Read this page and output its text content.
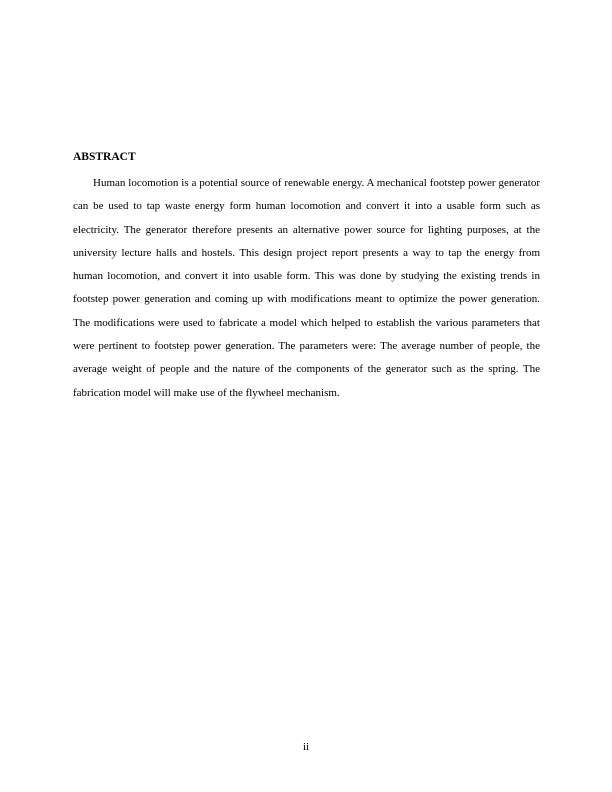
ABSTRACT

Human locomotion is a potential source of renewable energy. A mechanical footstep power generator can be used to tap waste energy form human locomotion and convert it into a usable form such as electricity. The generator therefore presents an alternative power source for lighting purposes, at the university lecture halls and hostels. This design project report presents a way to tap the energy from human locomotion, and convert it into usable form. This was done by studying the existing trends in footstep power generation and coming up with modifications meant to optimize the power generation. The modifications were used to fabricate a model which helped to establish the various parameters that were pertinent to footstep power generation. The parameters were: The average number of people, the average weight of people and the nature of the components of the generator such as the spring. The fabrication model will make use of the flywheel mechanism.

ii
